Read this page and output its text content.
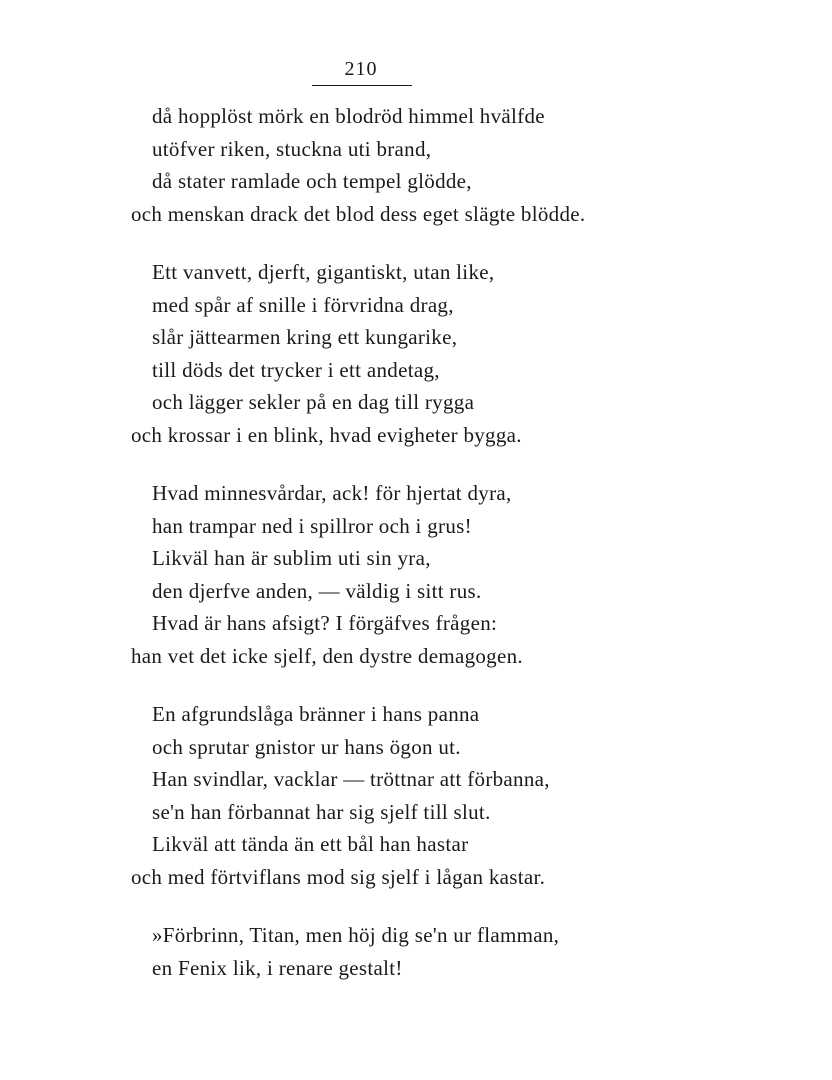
210
då hopplöst mörk en blodröd himmel hvälfde
utöfver riken, stuckna uti brand,
då stater ramlade och tempel glödde,
och menskan drack det blod dess eget slägte blödde.
Ett vanvett, djerft, gigantiskt, utan like,
med spår af snille i förvridna drag,
slår jättearmen kring ett kungarike,
till döds det trycker i ett andetag,
och lägger sekler på en dag till rygga
och krossar i en blink, hvad evigheter bygga.
Hvad minnesvårdar, ack! för hjertat dyra,
han trampar ned i spillror och i grus!
Likväl han är sublim uti sin yra,
den djerfve anden, — väldig i sitt rus.
Hvad är hans afsigt? I förgäfves frågen:
han vet det icke sjelf, den dystre demagogen.
En afgrundslåga bränner i hans panna
och sprutar gnistor ur hans ögon ut.
Han svindlar, vacklar — tröttnar att förbanna,
se'n han förbannat har sig sjelf till slut.
Likväl att tända än ett bål han hastar
och med förtviflans mod sig sjelf i lågan kastar.
»Förbrinn, Titan, men höj dig se'n ur flamman,
en Fenix lik, i renare gestalt!
